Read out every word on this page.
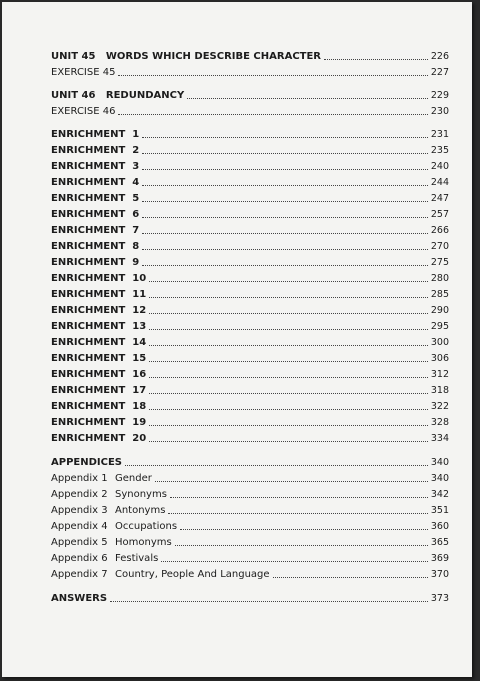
UNIT 45   WORDS WHICH DESCRIBE CHARACTER	226
EXERCISE 45	227
UNIT 46   REDUNDANCY	229
EXERCISE 46	230
ENRICHMENT  1	231
ENRICHMENT  2	235
ENRICHMENT  3	240
ENRICHMENT  4	244
ENRICHMENT  5	247
ENRICHMENT  6	257
ENRICHMENT  7	266
ENRICHMENT  8	270
ENRICHMENT  9	275
ENRICHMENT  10	280
ENRICHMENT  11	285
ENRICHMENT  12	290
ENRICHMENT  13	295
ENRICHMENT  14	300
ENRICHMENT  15	306
ENRICHMENT  16	312
ENRICHMENT  17	318
ENRICHMENT  18	322
ENRICHMENT  19	328
ENRICHMENT  20	334
APPENDICES	340
Appendix 1 Gender	340
Appendix 2 Synonyms	342
Appendix 3 Antonyms	351
Appendix 4 Occupations	360
Appendix 5 Homonyms	365
Appendix 6 Festivals	369
Appendix 7 Country, People And Language	370
ANSWERS	373
